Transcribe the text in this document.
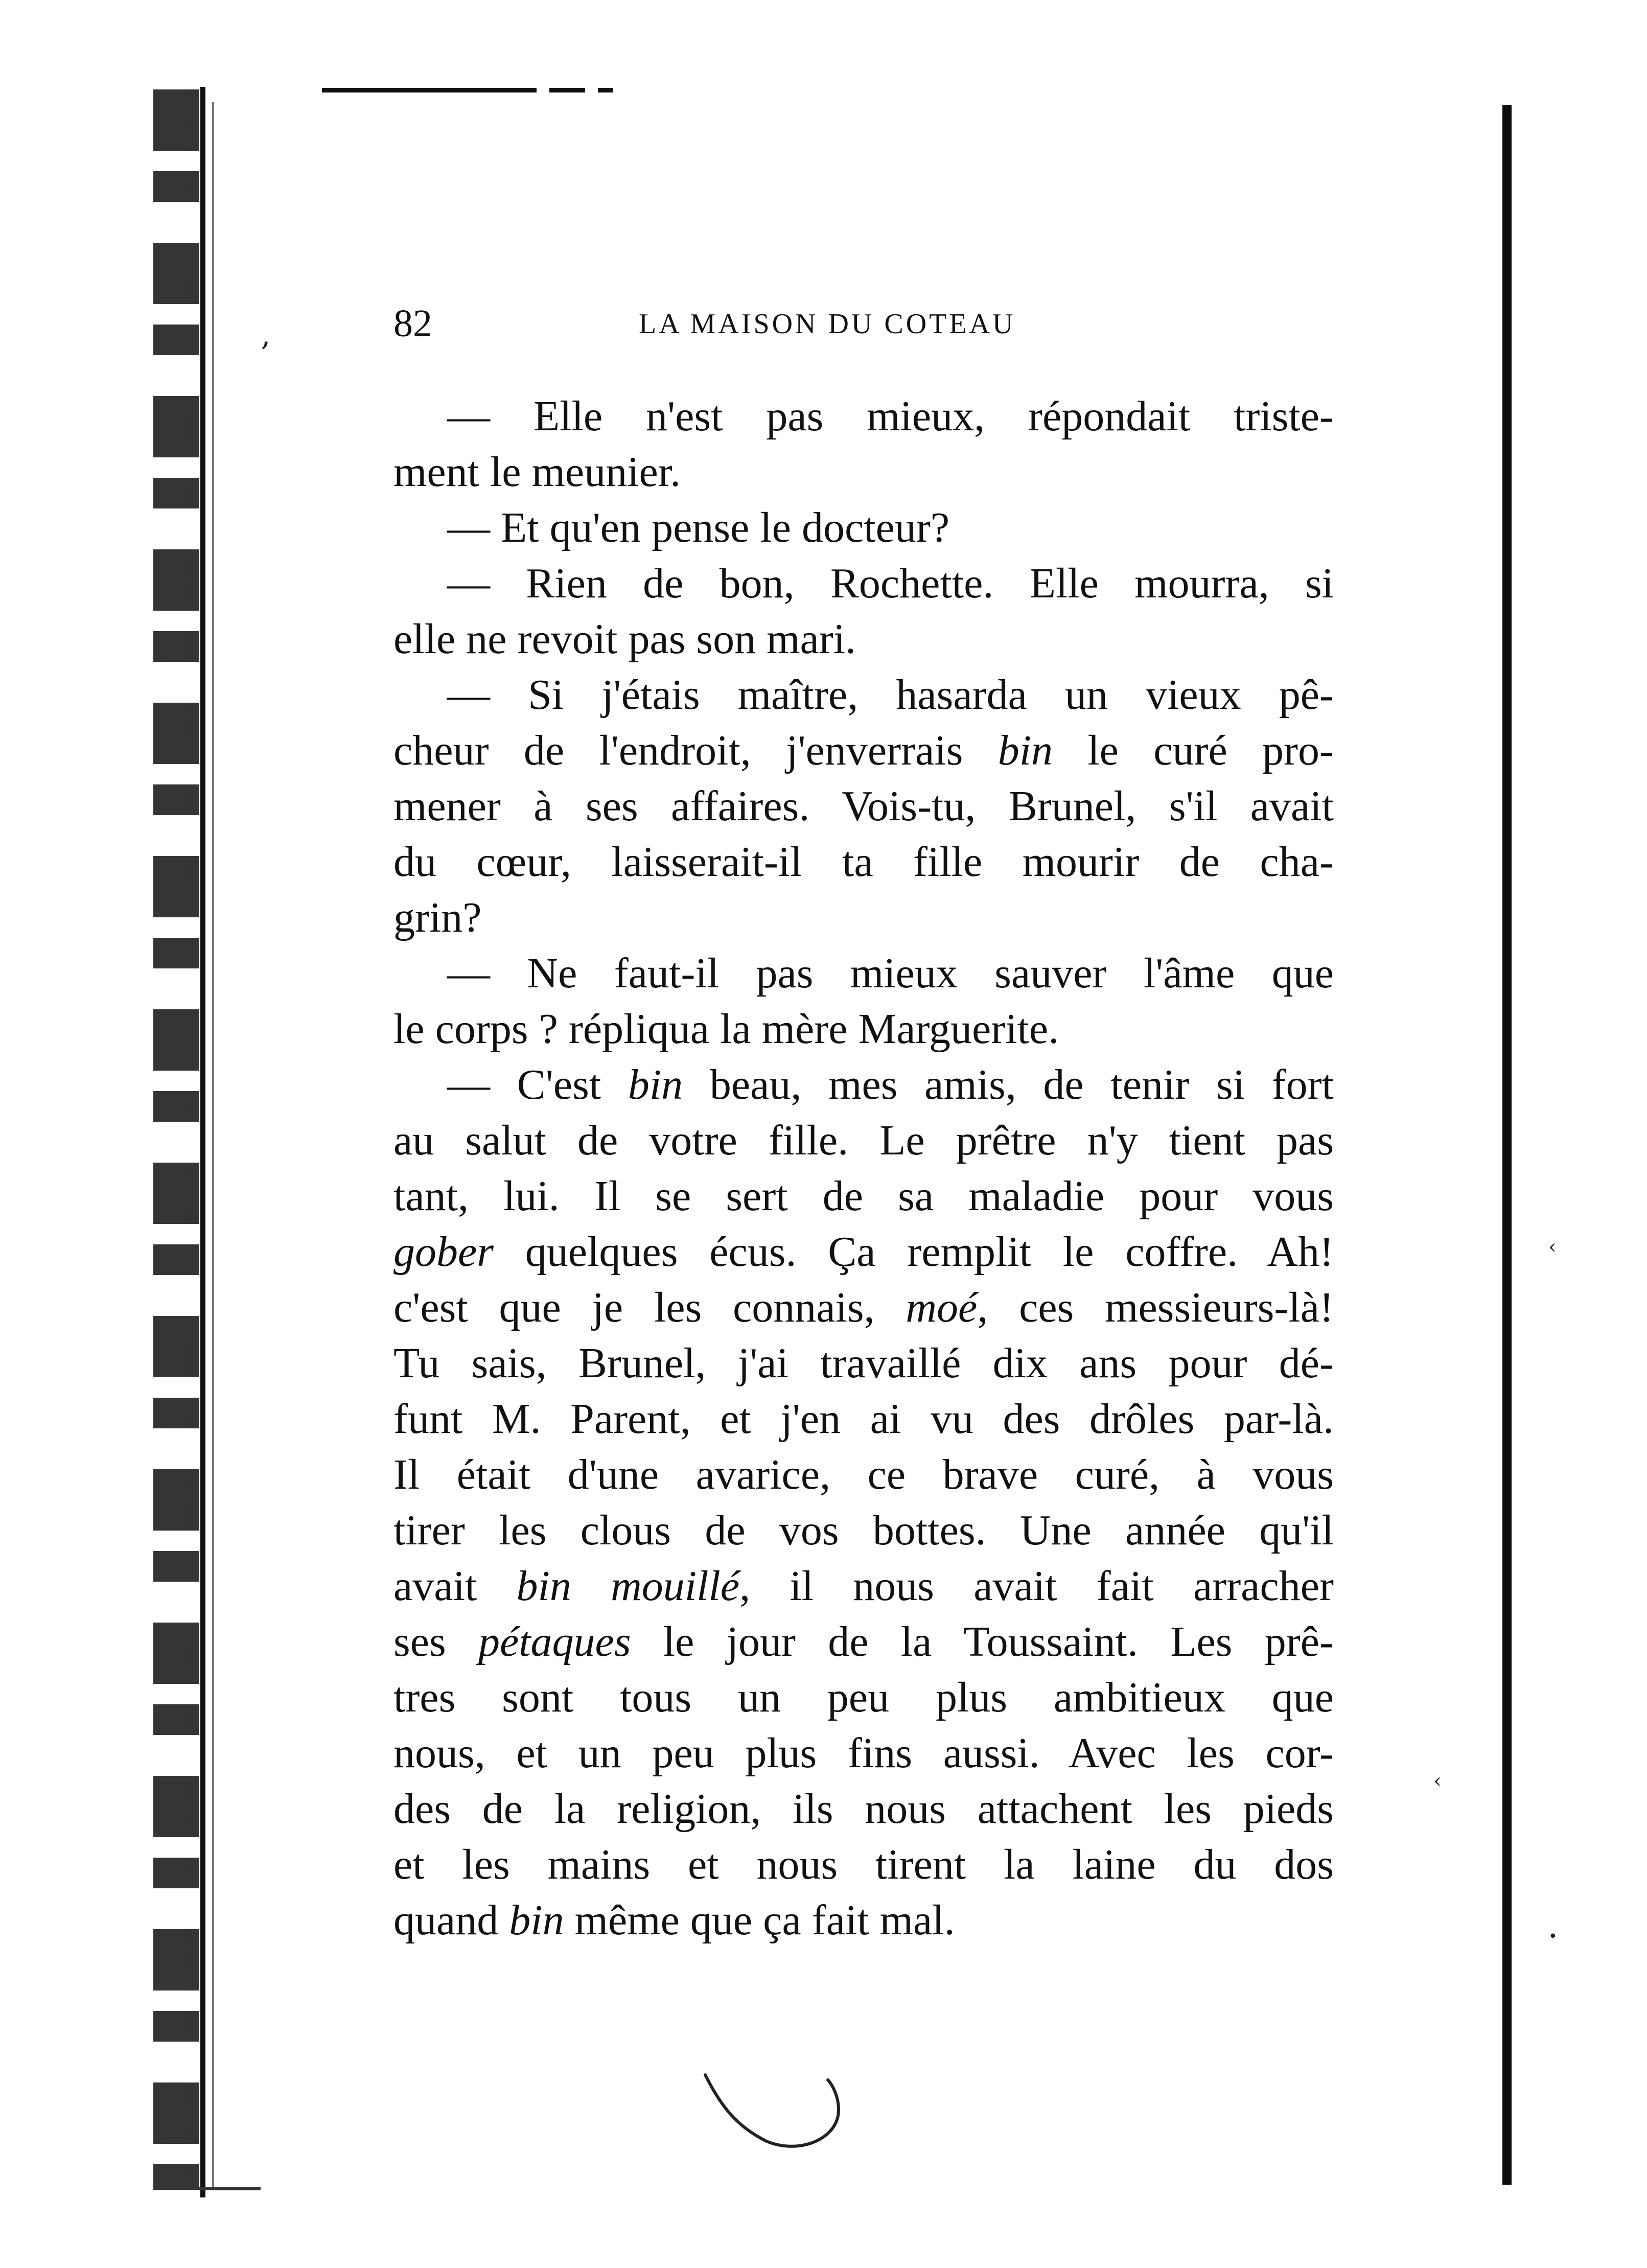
‚
‹
‹
•
82	LA MAISON DU COTEAU
— Elle n'est pas mieux, répondait triste-
ment le meunier.
— Et qu'en pense le docteur?
— Rien de bon, Rochette. Elle mourra, si
elle ne revoit pas son mari.
— Si j'étais maître, hasarda un vieux pê-
cheur de l'endroit, j'enverrais bin le curé pro-
mener à ses affaires. Vois-tu, Brunel, s'il avait
du cœur, laisserait-il ta fille mourir de cha-
grin?
— Ne faut-il pas mieux sauver l'âme que
le corps ? répliqua la mère Marguerite.
— C'est bin beau, mes amis, de tenir si fort
au salut de votre fille. Le prêtre n'y tient pas
tant, lui. Il se sert de sa maladie pour vous
gober quelques écus. Ça remplit le coffre. Ah!
c'est que je les connais, moé, ces messieurs-là!
Tu sais, Brunel, j'ai travaillé dix ans pour dé-
funt M. Parent, et j'en ai vu des drôles par-là.
Il était d'une avarice, ce brave curé, à vous
tirer les clous de vos bottes. Une année qu'il
avait bin mouillé, il nous avait fait arracher
ses pétaques le jour de la Toussaint. Les prê-
tres sont tous un peu plus ambitieux que
nous, et un peu plus fins aussi. Avec les cor-
des de la religion, ils nous attachent les pieds
et les mains et nous tirent la laine du dos
quand bin même que ça fait mal.
